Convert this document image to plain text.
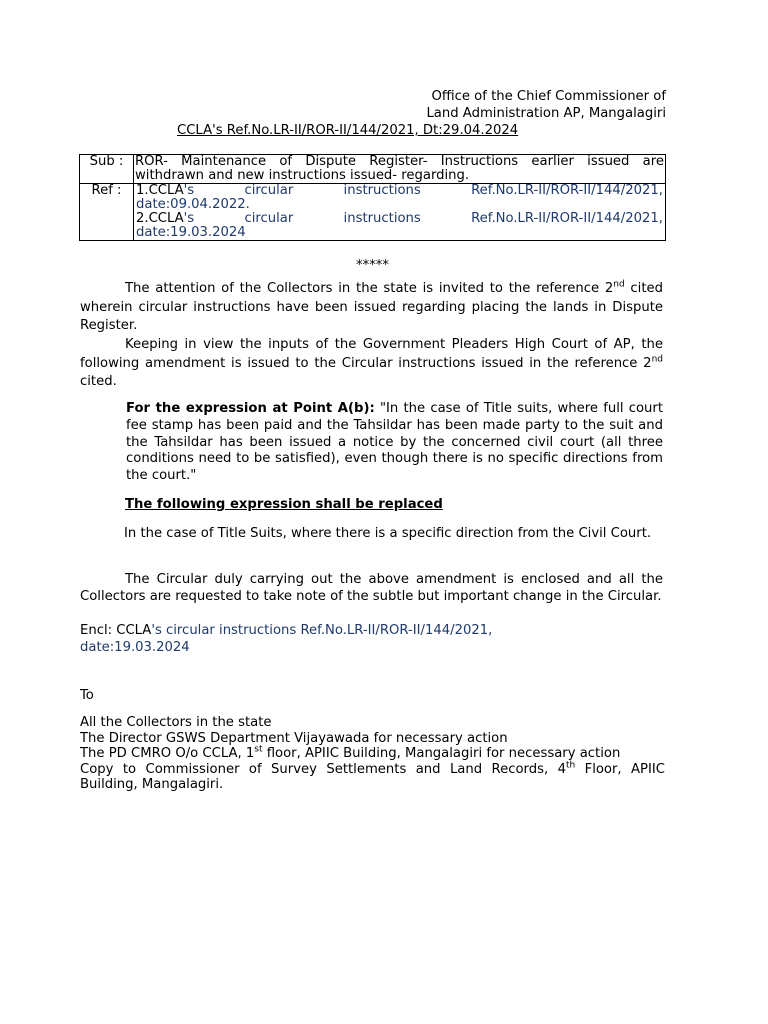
Office of the Chief Commissioner of
Land Administration AP, Mangalagiri
CCLA's Ref.No.LR-II/ROR-II/144/2021, Dt:29.04.2024
Sub :	ROR- Maintenance of Dispute Register- Instructions earlier issued are withdrawn and new instructions issued- regarding.
Ref :	1.CCLA's circular instructions Ref.No.LR-II/ROR-II/144/2021,
date:09.04.2022.
2.CCLA's circular instructions Ref.No.LR-II/ROR-II/144/2021,
date:19.03.2024
*****
The attention of the Collectors in the state is invited to the reference 2nd cited wherein circular instructions have been issued regarding placing the lands in Dispute Register.
Keeping in view the inputs of the Government Pleaders High Court of AP, the following amendment is issued to the Circular instructions issued in the reference 2nd cited.
For the expression at Point A(b): "In the case of Title suits, where full court fee stamp has been paid and the Tahsildar has been made party to the suit and the Tahsildar has been issued a notice by the concerned civil court (all three conditions need to be satisfied), even though there is no specific directions from the court."
The following expression shall be replaced
In the case of Title Suits, where there is a specific direction from the Civil Court.
The Circular duly carrying out the above amendment is enclosed and all the Collectors are requested to take note of the subtle but important change in the Circular.
Encl: CCLA's circular instructions Ref.No.LR-II/ROR-II/144/2021,
date:19.03.2024
To
All the Collectors in the state
The Director GSWS Department Vijayawada for necessary action
The PD CMRO O/o CCLA, 1st floor, APIIC Building, Mangalagiri for necessary action
Copy to Commissioner of Survey Settlements and Land Records, 4th Floor, APIIC Building, Mangalagiri.
